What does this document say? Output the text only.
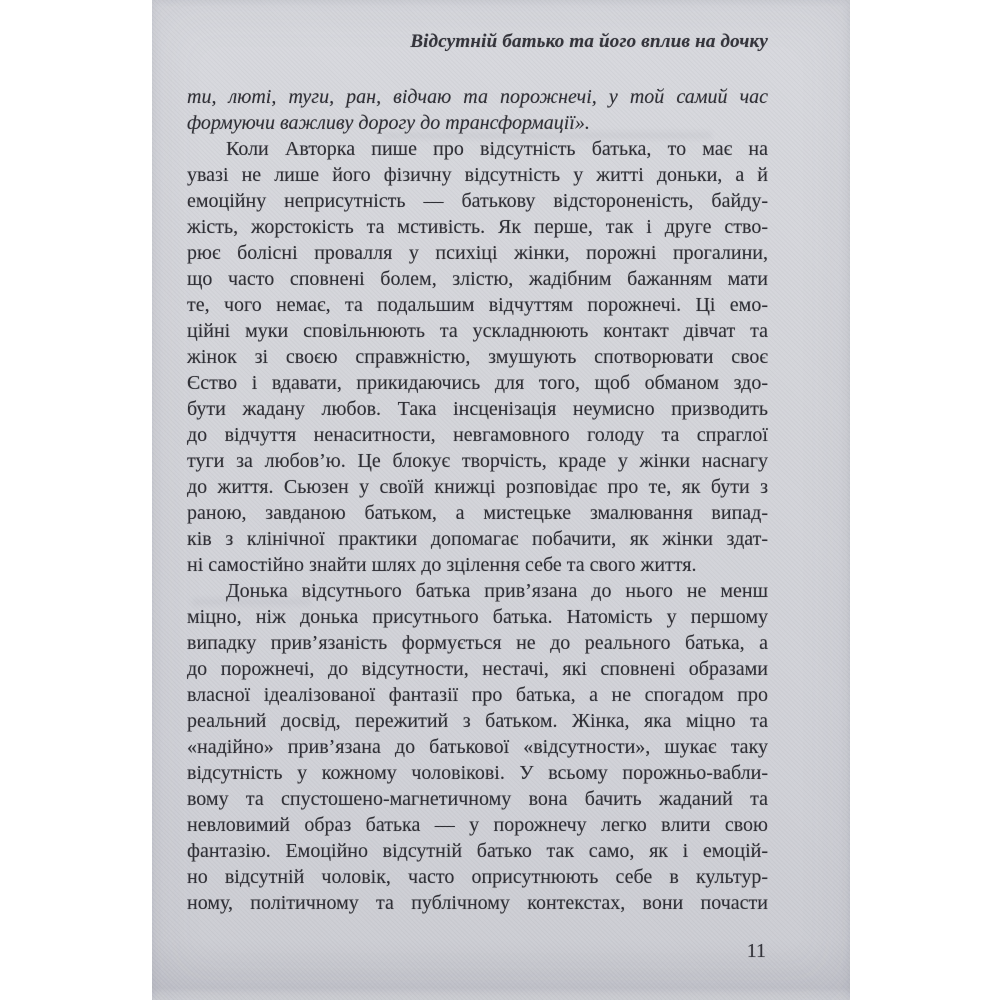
Відсутній батько та його вплив на дочку
ти, люті, туги, ран, відчаю та порожнечі, у той самий час
формуючи важливу дорогу до трансформації».
Коли Авторка пише про відсутність батька, то має на
увазі не лише його фізичну відсутність у житті доньки, а й
емоційну неприсутність — батькову відстороненість, байду-
жість, жорстокість та мстивість. Як перше, так і друге ство-
рює болісні провалля у психіці жінки, порожні прогалини,
що часто сповнені болем, злістю, жадібним бажанням мати
те, чого немає, та подальшим відчуттям порожнечі. Ці емо-
ційні муки сповільнюють та ускладнюють контакт дівчат та
жінок зі своєю справжністю, змушують спотворювати своє
Єство і вдавати, прикидаючись для того, щоб обманом здо-
бути жадану любов. Така інсценізація неумисно призводить
до відчуття ненаситности, невгамовного голоду та спраглої
туги за любов’ю. Це блокує творчість, краде у жінки наснагу
до життя. Сьюзен у своїй книжці розповідає про те, як бути з
раною, завданою батьком, а мистецьке змалювання випад-
ків з клінічної практики допомагає побачити, як жінки здат-
ні самостійно знайти шлях до зцілення себе та свого життя.
Донька відсутнього батька прив’язана до нього не менш
міцно, ніж донька присутнього батька. Натомість у першому
випадку прив’язаність формується не до реального батька, а
до порожнечі, до відсутности, нестачі, які сповнені образами
власної ідеалізованої фантазії про батька, а не спогадом про
реальний досвід, пережитий з батьком. Жінка, яка міцно та
«надійно» прив’язана до батькової «відсутности», шукає таку
відсутність у кожному чоловікові. У всьому порожньо-вабли-
вому та спустошено-магнетичному вона бачить жаданий та
невловимий образ батька — у порожнечу легко влити свою
фантазію. Емоційно відсутній батько так само, як і емоцій-
но відсутній чоловік, часто оприсутнюють себе в культур-
ному, політичному та публічному контекстах, вони почасти
11
